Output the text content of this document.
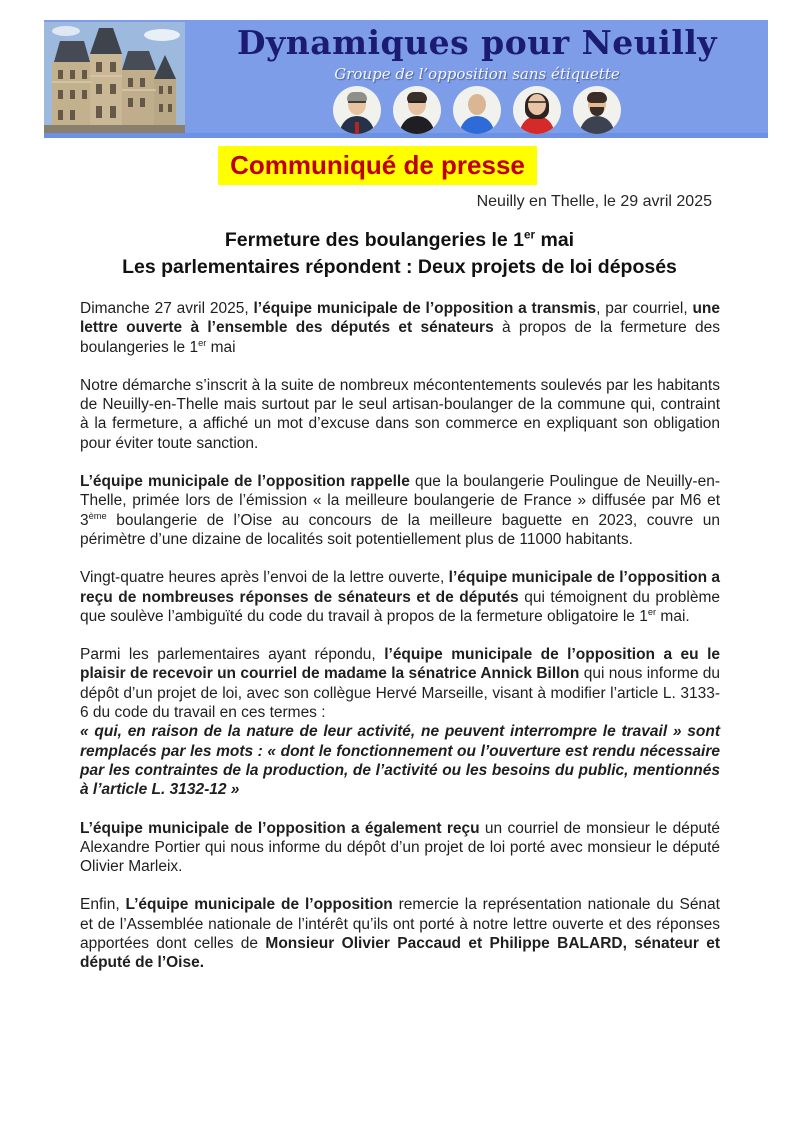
Dynamiques pour Neuilly
Groupe de l’opposition sans étiquette
Communiqué de presse
Neuilly en Thelle, le 29 avril 2025
Fermeture des boulangeries le 1er mai
Les parlementaires répondent : Deux projets de loi déposés

Dimanche 27 avril 2025, l’équipe municipale de l’opposition a transmis, par courriel, une lettre ouverte à l’ensemble des députés et sénateurs à propos de la fermeture des boulangeries le 1er mai

Notre démarche s’inscrit à la suite de nombreux mécontentements soulevés par les habitants de Neuilly-en-Thelle mais surtout par le seul artisan-boulanger de la commune qui, contraint à la fermeture, a affiché un mot d’excuse dans son commerce en expliquant son obligation pour éviter toute sanction.

L’équipe municipale de l’opposition rappelle que la boulangerie Poulingue de Neuilly-en-Thelle, primée lors de l’émission « la meilleure boulangerie de France » diffusée par M6 et 3ème boulangerie de l’Oise au concours de la meilleure baguette en 2023, couvre un périmètre d’une dizaine de localités soit potentiellement plus de 11000 habitants.

Vingt-quatre heures après l’envoi de la lettre ouverte, l’équipe municipale de l’opposition a reçu de nombreuses réponses de sénateurs et de députés qui témoignent du problème que soulève l’ambiguïté du code du travail à propos de la fermeture obligatoire le 1er mai.

Parmi les parlementaires ayant répondu, l’équipe municipale de l’opposition a eu le plaisir de recevoir un courriel de madame la sénatrice Annick Billon qui nous informe du dépôt d’un projet de loi, avec son collègue Hervé Marseille, visant à modifier l’article L. 3133-6 du code du travail en ces termes :

« qui, en raison de la nature de leur activité, ne peuvent interrompre le travail » sont remplacés par les mots : « dont le fonctionnement ou l’ouverture est rendu nécessaire par les contraintes de la production, de l’activité ou les besoins du public, mentionnés à l’article L. 3132-12 »

L’équipe municipale de l’opposition a également reçu un courriel de monsieur le député Alexandre Portier qui nous informe du dépôt d’un projet de loi porté avec monsieur le député Olivier Marleix.

Enfin, L’équipe municipale de l’opposition remercie la représentation nationale du Sénat et de l’Assemblée nationale de l’intérêt qu’ils ont porté à notre lettre ouverte et des réponses apportées dont celles de Monsieur Olivier Paccaud et Philippe BALARD, sénateur et député de l’Oise.
